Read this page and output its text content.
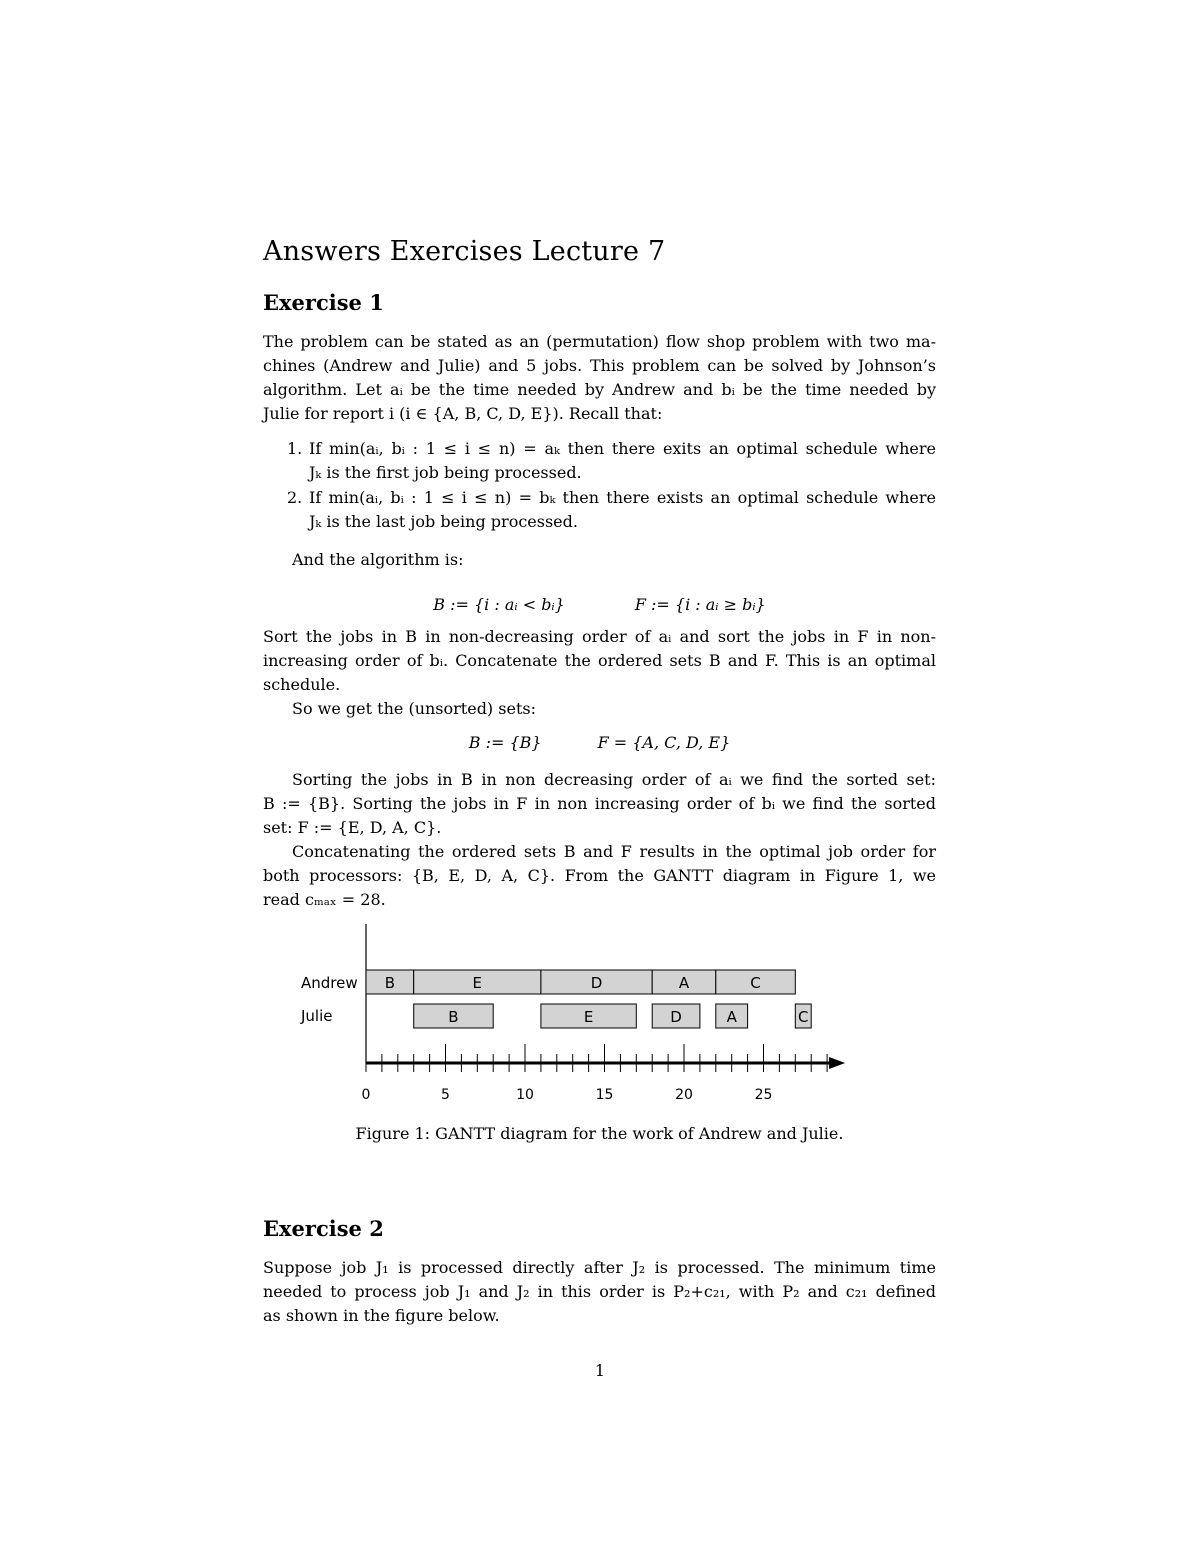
Answers Exercises Lecture 7
Exercise 1
The problem can be stated as an (permutation) flow shop problem with two ma-
chines (Andrew and Julie) and 5 jobs. This problem can be solved by Johnson’s
algorithm. Let aᵢ be the time needed by Andrew and bᵢ be the time needed by
Julie for report i (i ∈ {A, B, C, D, E}). Recall that:
1. If min(aᵢ, bᵢ : 1 ≤ i ≤ n) = aₖ then there exits an optimal schedule where
Jₖ is the first job being processed.
2. If min(aᵢ, bᵢ : 1 ≤ i ≤ n) = bₖ then there exists an optimal schedule where
Jₖ is the last job being processed.
And the algorithm is:
B := {i : aᵢ < bᵢ}	F := {i : aᵢ ≥ bᵢ}
Sort the jobs in B in non-decreasing order of aᵢ and sort the jobs in F in non-
increasing order of bᵢ. Concatenate the ordered sets B and F. This is an optimal
schedule.
So we get the (unsorted) sets:
B := {B}	F = {A, C, D, E}
Sorting the jobs in B in non decreasing order of aᵢ we find the sorted set:
B := {B}. Sorting the jobs in F in non increasing order of bᵢ we find the sorted
set: F := {E, D, A, C}.
Concatenating the ordered sets B and F results in the optimal job order for
both processors: {B, E, D, A, C}. From the GANTT diagram in Figure 1, we
read cₘₐₓ = 28.
Andrew B	E	D	A	C
Julie	B	E	D	A	C
0	5	10	15	20	25
Figure 1: GANTT diagram for the work of Andrew and Julie.
Exercise 2
Suppose job J₁ is processed directly after J₂ is processed. The minimum time
needed to process job J₁ and J₂ in this order is P₂+c₂₁, with P₂ and c₂₁ defined
as shown in the figure below.
1
